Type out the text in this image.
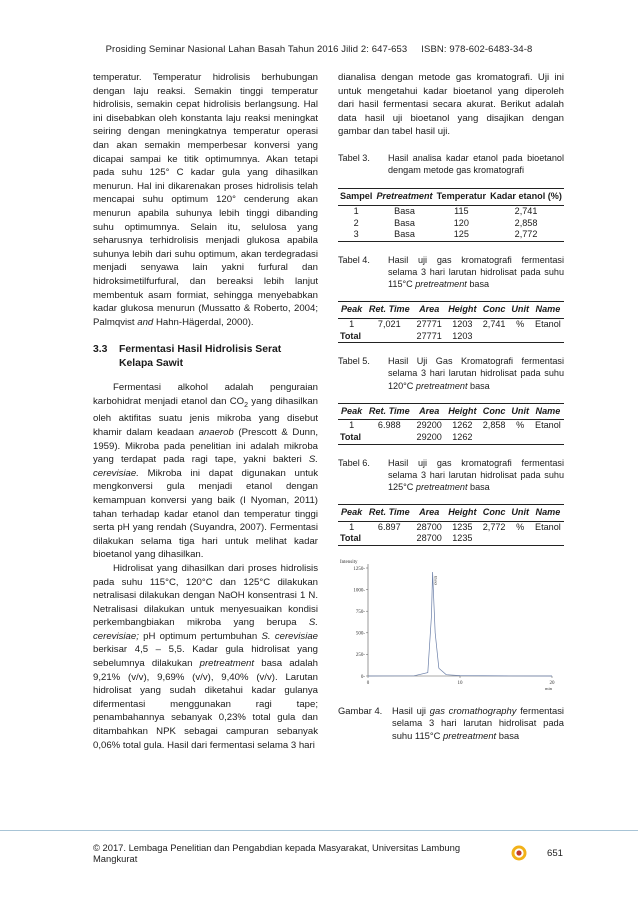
Prosiding Seminar Nasional Lahan Basah Tahun 2016 Jilid 2: 647-653 ISBN: 978-602-6483-34-8

temperatur. Temperatur hidrolisis berhubungan dengan laju reaksi. Semakin tinggi temperatur hidrolisis, semakin cepat hidrolisis berlangsung. Hal ini disebabkan oleh konstanta laju reaksi meningkat seiring dengan meningkatnya temperatur operasi dan akan semakin memperbesar konversi yang dicapai sampai ke titik optimumnya. Akan tetapi pada suhu 125° C kadar gula yang dihasilkan menurun. Hal ini dikarenakan proses hidrolisis telah mencapai suhu optimum 120° cenderung akan menurun apabila suhunya lebih tinggi dibanding suhu optimumnya. Selain itu, selulosa yang seharusnya terhidrolisis menjadi glukosa apabila suhunya lebih dari suhu optimum, akan terdegradasi menjadi senyawa lain yakni furfural dan hidroksimetilfurfural, dan bereaksi lebih lanjut membentuk asam formiat, sehingga menyebabkan kadar glukosa menurun (Mussatto & Roberto, 2004; Palmqvist and Hahn-Hägerdal, 2000).

3.3	Fermentasi Hasil Hidrolisis Serat Kelapa Sawit

Fermentasi alkohol adalah penguraian karbohidrat menjadi etanol dan $CO_2$ yang dihasilkan oleh aktifitas suatu jenis mikroba yang disebut khamir dalam keadaan anaerob (Prescott & Dunn, 1959). Mikroba pada penelitian ini adalah mikroba yang terdapat pada ragi tape, yakni bakteri S. cerevisiae. Mikroba ini dapat digunakan untuk mengkonversi gula menjadi etanol dengan kemampuan konversi yang baik (I Nyoman, 2011) tahan terhadap kadar etanol dan temperatur tinggi serta pH yang rendah (Suyandra, 2007). Fermentasi dilakukan selama tiga hari untuk melihat kadar bioetanol yang dihasilkan.

Hidrolisat yang dihasilkan dari proses hidrolisis pada suhu 115°C, 120°C dan 125°C dilakukan netralisasi dilakukan dengan NaOH konsentrasi 1 N. Netralisasi dilakukan untuk menyesuaikan kondisi perkembangbiakan mikroba yang berupa S. cerevisiae; pH optimum pertumbuhan S. cerevisiae berkisar 4,5 – 5,5. Kadar gula hidrolisat yang sebelumnya dilakukan pretreatment basa adalah 9,21% (v/v), 9,69% (v/v), 9,40% (v/v). Larutan hidrolisat yang sudah diketahui kadar gulanya difermentasi menggunakan ragi tape; penambahannya sebanyak 0,23% total gula dan ditambahkan NPK sebagai campuran sebanyak 0,06% total gula. Hasil dari fermentasi selama 3 hari

dianalisa dengan metode gas kromatografi. Uji ini untuk mengetahui kadar bioetanol yang diperoleh dari hasil fermentasi secara akurat. Berikut adalah data hasil uji bioetanol yang disajikan dengan gambar dan tabel hasil uji.

Tabel 3.	Hasil analisa kadar etanol pada bioetanol dengam metode gas kromatografi
Sampel	Pretreatment	Temperatur	Kadar etanol (%)
1	Basa	115	2,741
2	Basa	120	2,858
3	Basa	125	2,772
Tabel 4.	Hasil uji gas kromatografi fermentasi selama 3 hari larutan hidrolisat pada suhu 115°C pretreatment basa
Peak	Ret. Time	Area	Height	Conc	Unit	Name
1	7,021	27771	1203	2,741	%	Etanol
Total		27771	1203			
Tabel 5.	Hasil Uji Gas Kromatografi fermentasi selama 3 hari larutan hidrolisat pada suhu 120°C pretreatment basa
Peak	Ret. Time	Area	Height	Conc	Unit	Name
1	6.988	29200	1262	2,858	%	Etanol
Total		29200	1262			
Tabel 6.	Hasil uji gas kromatografi fermentasi selama 3 hari larutan hidrolisat pada suhu 125°C pretreatment basa
Peak	Ret. Time	Area	Height	Conc	Unit	Name
1	6.897	28700	1235	2,772	%	Etanol
Total		28700	1235			
Intensity
1250-
1000-
750-
500-
250-
0-
0	10	20
min
Etanol
Gambar 4.	Hasil uji gas cromathography fermentasi selama 3 hari larutan hidrolisat pada suhu 115°C pretreatment basa
© 2017. Lembaga Penelitian dan Pengabdian kepada Masyarakat, Universitas Lambung Mangkurat	651
